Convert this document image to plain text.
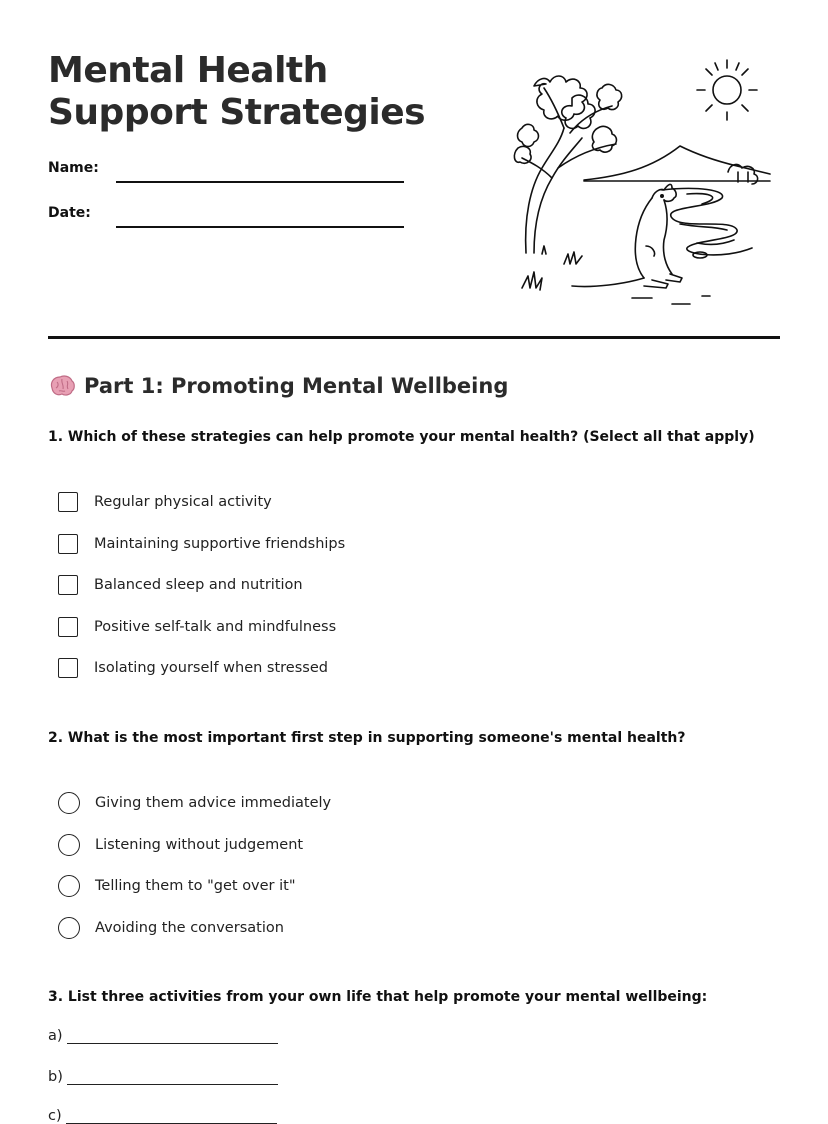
Mental Health Support Strategies
Name:
Date:
Part 1: Promoting Mental Wellbeing
1. Which of these strategies can help promote your mental health? (Select all that apply)
Regular physical activity
Maintaining supportive friendships
Balanced sleep and nutrition
Positive self-talk and mindfulness
Isolating yourself when stressed
2. What is the most important first step in supporting someone's mental health?
Giving them advice immediately
Listening without judgement
Telling them to "get over it"
Avoiding the conversation
3. List three activities from your own life that help promote your mental wellbeing:
a)
b)
c)
